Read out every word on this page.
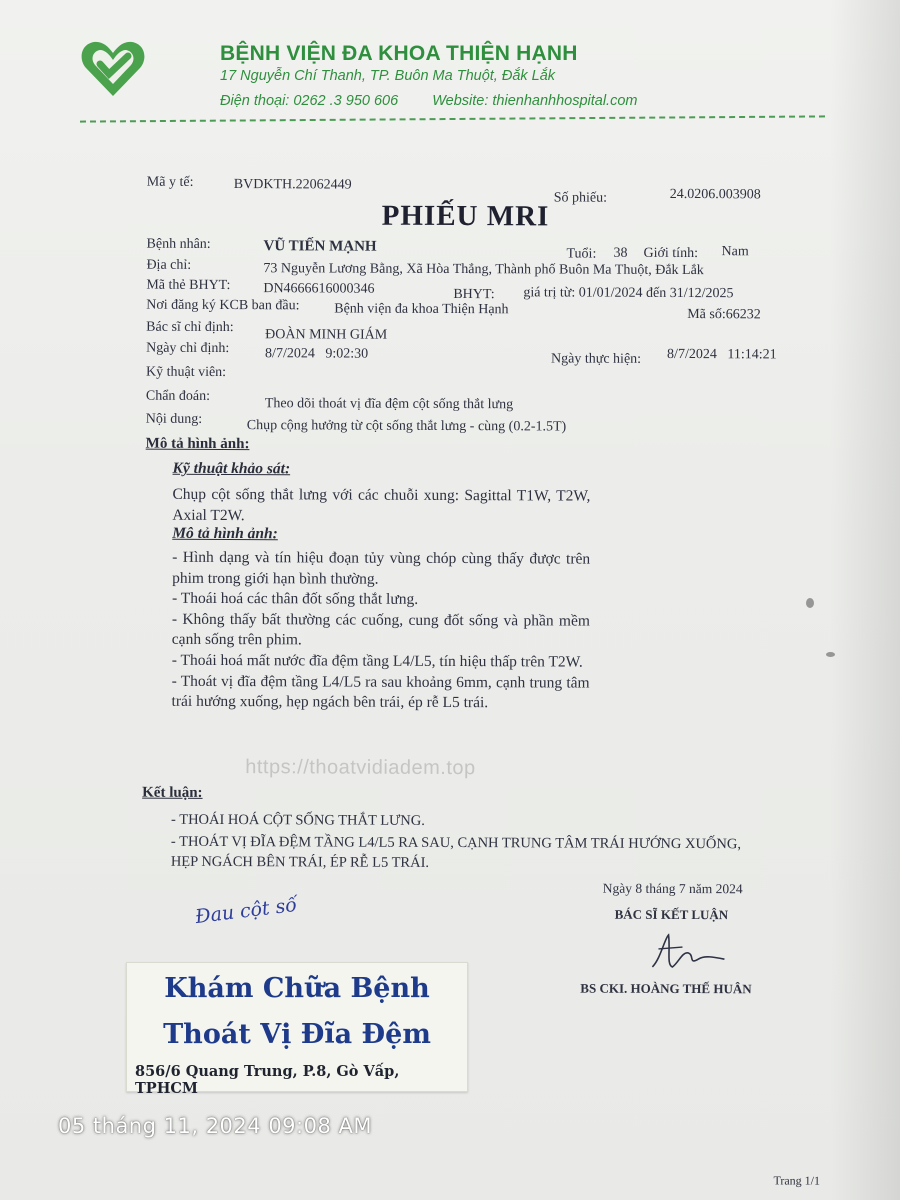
BỆNH VIỆN ĐA KHOA THIỆN HẠNH
17 Nguyễn Chí Thanh, TP. Buôn Ma Thuột, Đắk Lắk
Điện thoại: 0262 .3 950 606 Website: thienhanhhospital.com
Mã y tế:	BVDKTH.22062449
Số phiếu:	24.0206.003908
PHIẾU MRI
Bệnh nhân:	VŨ TIẾN MẠNH	Tuổi: 38 Giới tính: Nam
Địa chỉ:	73 Nguyễn Lương Bằng, Xã Hòa Thắng, Thành phố Buôn Ma Thuột, Đắk Lắk
Mã thẻ BHYT: DN4666616000346	BHYT: giá trị từ: 01/01/2024 đến 31/12/2025
Nơi đăng ký KCB ban đầu: Bệnh viện đa khoa Thiện Hạnh	Mã số:66232
Bác sĩ chỉ định: ĐOÀN MINH GIÁM
Ngày chỉ định:	8/7/2024   9:02:30	Ngày thực hiện: 8/7/2024   11:14:21
Kỹ thuật viên:
Chẩn đoán:	Theo dõi thoát vị đĩa đệm cột sống thắt lưng
Nội dung:	Chụp cộng hưởng từ cột sống thắt lưng - cùng (0.2-1.5T)
Mô tả hình ảnh:
Kỹ thuật khảo sát:
Chụp cột sống thắt lưng với các chuỗi xung: Sagittal T1W, T2W, Axial T2W.
Mô tả hình ảnh:
- Hình dạng và tín hiệu đoạn tủy vùng chóp cùng thấy được trên phim trong giới hạn bình thường.
- Thoái hoá các thân đốt sống thắt lưng.
- Không thấy bất thường các cuống, cung đốt sống và phần mềm cạnh sống trên phim.
- Thoái hoá mất nước đĩa đệm tầng L4/L5, tín hiệu thấp trên T2W.
- Thoát vị đĩa đệm tầng L4/L5 ra sau khoảng 6mm, cạnh trung tâm trái hướng xuống, hẹp ngách bên trái, ép rễ L5 trái.
https://thoatvidiadem.top
Kết luận:
- THOÁI HOÁ CỘT SỐNG THẮT LƯNG.
- THOÁT VỊ ĐĨA ĐỆM TẦNG L4/L5 RA SAU, CẠNH TRUNG TÂM TRÁI HƯỚNG XUỐNG,
HẸP NGÁCH BÊN TRÁI, ÉP RỄ L5 TRÁI.
Ngày 8 tháng 7 năm 2024
BÁC SĨ KẾT LUẬN
BS CKI. HOÀNG THẾ HUÂN
Trang 1/1
Đau cột số
Khám Chữa Bệnh
Thoát Vị Đĩa Đệm
856/6 Quang Trung, P.8, Gò Vấp, TPHCM
05 tháng 11, 2024 09:08 AM
